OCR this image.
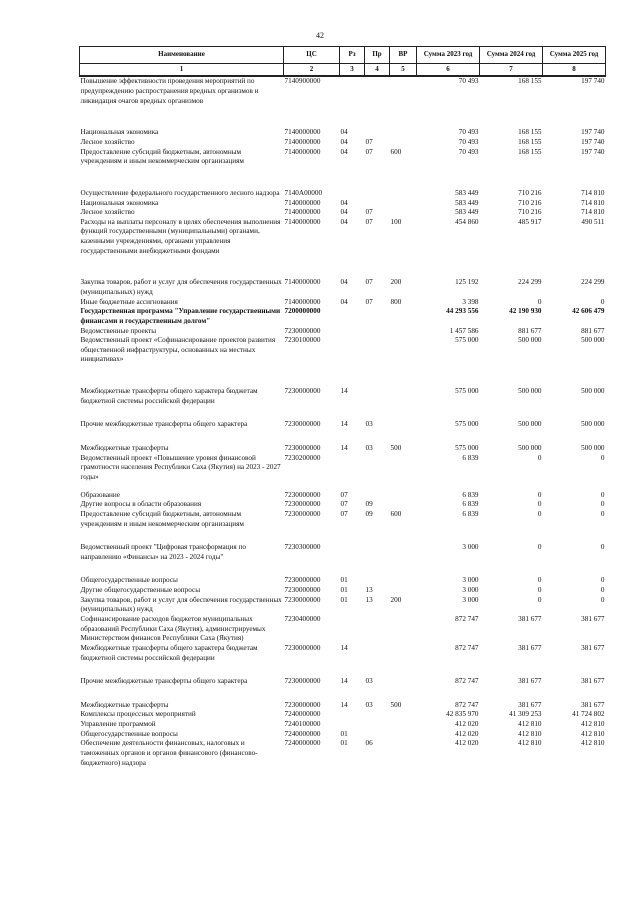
42
Наименование	ЦС	Рз	Пр	ВР	Сумма 2023 год	Сумма 2024 год	Сумма 2025 год
1	2	3	4	5	6	7	8
Повышение эффективности проведения мероприятий по предупреждению распространения вредных организмов и ликвидация очагов вредных организмов	7140900000				70 493	168 155	197 740
Национальная экономика	7140000000	04			70 493	168 155	197 740
Лесное хозяйство	7140000000	04	07		70 493	168 155	197 740
Предоставление субсидий бюджетным, автономным учреждениям и иным некоммерческим организациям	7140000000	04	07	600	70 493	168 155	197 740
Осуществление федерального государственного лесного надзора	7140A00000				583 449	710 216	714 810
Национальная экономика	7140000000	04			583 449	710 216	714 810
Лесное хозяйство	7140000000	04	07		583 449	710 216	714 810
Расходы на выплаты персоналу в целях обеспечения выполнения функций государственными (муниципальными) органами, казенными учреждениями, органами управления государственными внебюджетными фондами	7140000000	04	07	100	454 860	485 917	490 511
Закупка товаров, работ и услуг для обеспечения государственных (муниципальных) нужд	7140000000	04	07	200	125 192	224 299	224 299
Иные бюджетные ассигнования	7140000000	04	07	800	3 398	0	0
Государственная программа "Управление государственными финансами и государственным долгом"	7200000000				44 293 556	42 190 930	42 606 479
Ведомственные проекты	7230000000				1 457 586	881 677	881 677
Ведомственный проект «Софинансирование проектов развития общественной инфраструктуры, основанных на местных инициативах»	7230100000				575 000	500 000	500 000
Межбюджетные трансферты общего характера бюджетам бюджетной системы российской федерации	7230000000	14			575 000	500 000	500 000
Прочие межбюджетные трансферты общего характера	7230000000	14	03		575 000	500 000	500 000
Межбюджетные трансферты	7230000000	14	03	500	575 000	500 000	500 000
Ведомственный проект «Повышение уровня финансовой грамотности населения Республики Саха (Якутия) на 2023 - 2027 годы»	7230200000				6 839	0	0
Образование	7230000000	07			6 839	0	0
Другие вопросы в области образования	7230000000	07	09		6 839	0	0
Предоставление субсидий бюджетным, автономным учреждениям и иным некоммерческим организациям	7230000000	07	09	600	6 839	0	0
Ведомственный проект "Цифровая трансформация по направлению «Финансы» на 2023 - 2024 годы"	7230300000				3 000	0	0
Общегосударственные вопросы	7230000000	01			3 000	0	0
Другие общегосударственные вопросы	7230000000	01	13		3 000	0	0
Закупка товаров, работ и услуг для обеспечения государственных (муниципальных) нужд	7230000000	01	13	200	3 000	0	0
Софинансирование расходов бюджетов муниципальных образований Республики Саха (Якутия), администрируемых Министерством финансов Республики Саха (Якутия)	7230400000				872 747	381 677	381 677
Межбюджетные трансферты общего характера бюджетам бюджетной системы российской федерации	7230000000	14			872 747	381 677	381 677
Прочие межбюджетные трансферты общего характера	7230000000	14	03		872 747	381 677	381 677
Межбюджетные трансферты	7230000000	14	03	500	872 747	381 677	381 677
Комплексы процессных мероприятий	7240000000				42 835 970	41 309 253	41 724 802
Управление программой	7240100000				412 020	412 810	412 810
Общегосударственные вопросы	7240000000	01			412 020	412 810	412 810
Обеспечение деятельности финансовых, налоговых и таможенных органов и органов финансового (финансово-бюджетного) надзора	7240000000	01	06		412 020	412 810	412 810
